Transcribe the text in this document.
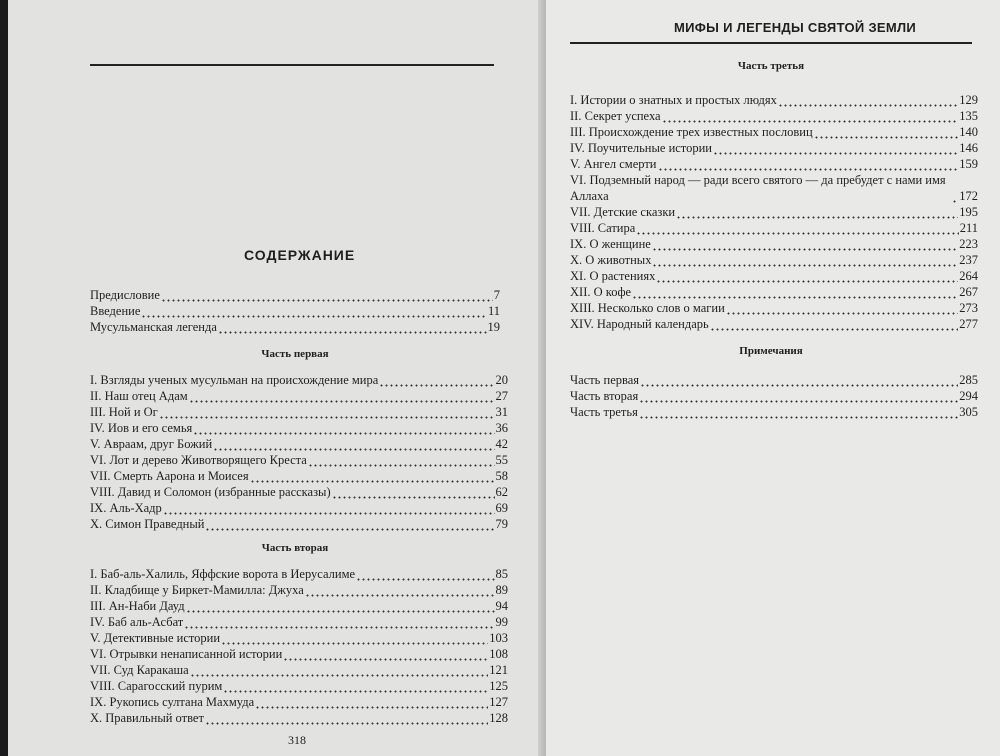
СОДЕРЖАНИЕ
Предисловие	7
Введение	11
Мусульманская легенда	19
Часть первая
I. Взгляды ученых мусульман на происхождение мира	20
II. Наш отец Адам	27
III. Ной и Ог	31
IV. Иов и его семья	36
V. Авраам, друг Божий	42
VI. Лот и дерево Животворящего Креста	55
VII. Смерть Аарона и Моисея	58
VIII. Давид и Соломон (избранные рассказы)	62
IX. Аль-Хадр	69
X. Симон Праведный	79
Часть вторая
I. Баб-аль-Халиль, Яффские ворота в Иерусалиме	85
II. Кладбище у Биркет-Мамилла: Джуха	89
III. Ан-Наби Дауд	94
IV. Баб аль-Асбат	99
V. Детективные истории	103
VI. Отрывки ненаписанной истории	108
VII. Суд Каракаша	121
VIII. Сарагосский пурим	125
IX. Рукопись султана Махмуда	127
X. Правильный ответ	128
318
МИФЫ И ЛЕГЕНДЫ СВЯТОЙ ЗЕМЛИ
Часть третья
I. Истории о знатных и простых людях	129
II. Секрет успеха	135
III. Происхождение трех известных пословиц	140
IV. Поучительные истории	146
V. Ангел смерти	159
VI. Подземный народ — ради всего святого — да пребудет с нами имя Аллаха	172
VII. Детские сказки	195
VIII. Сатира	211
IX. О женщине	223
X. О животных	237
XI. О растениях	264
XII. О кофе	267
XIII. Несколько слов о магии	273
XIV. Народный календарь	277
Примечания
Часть первая	285
Часть вторая	294
Часть третья	305
